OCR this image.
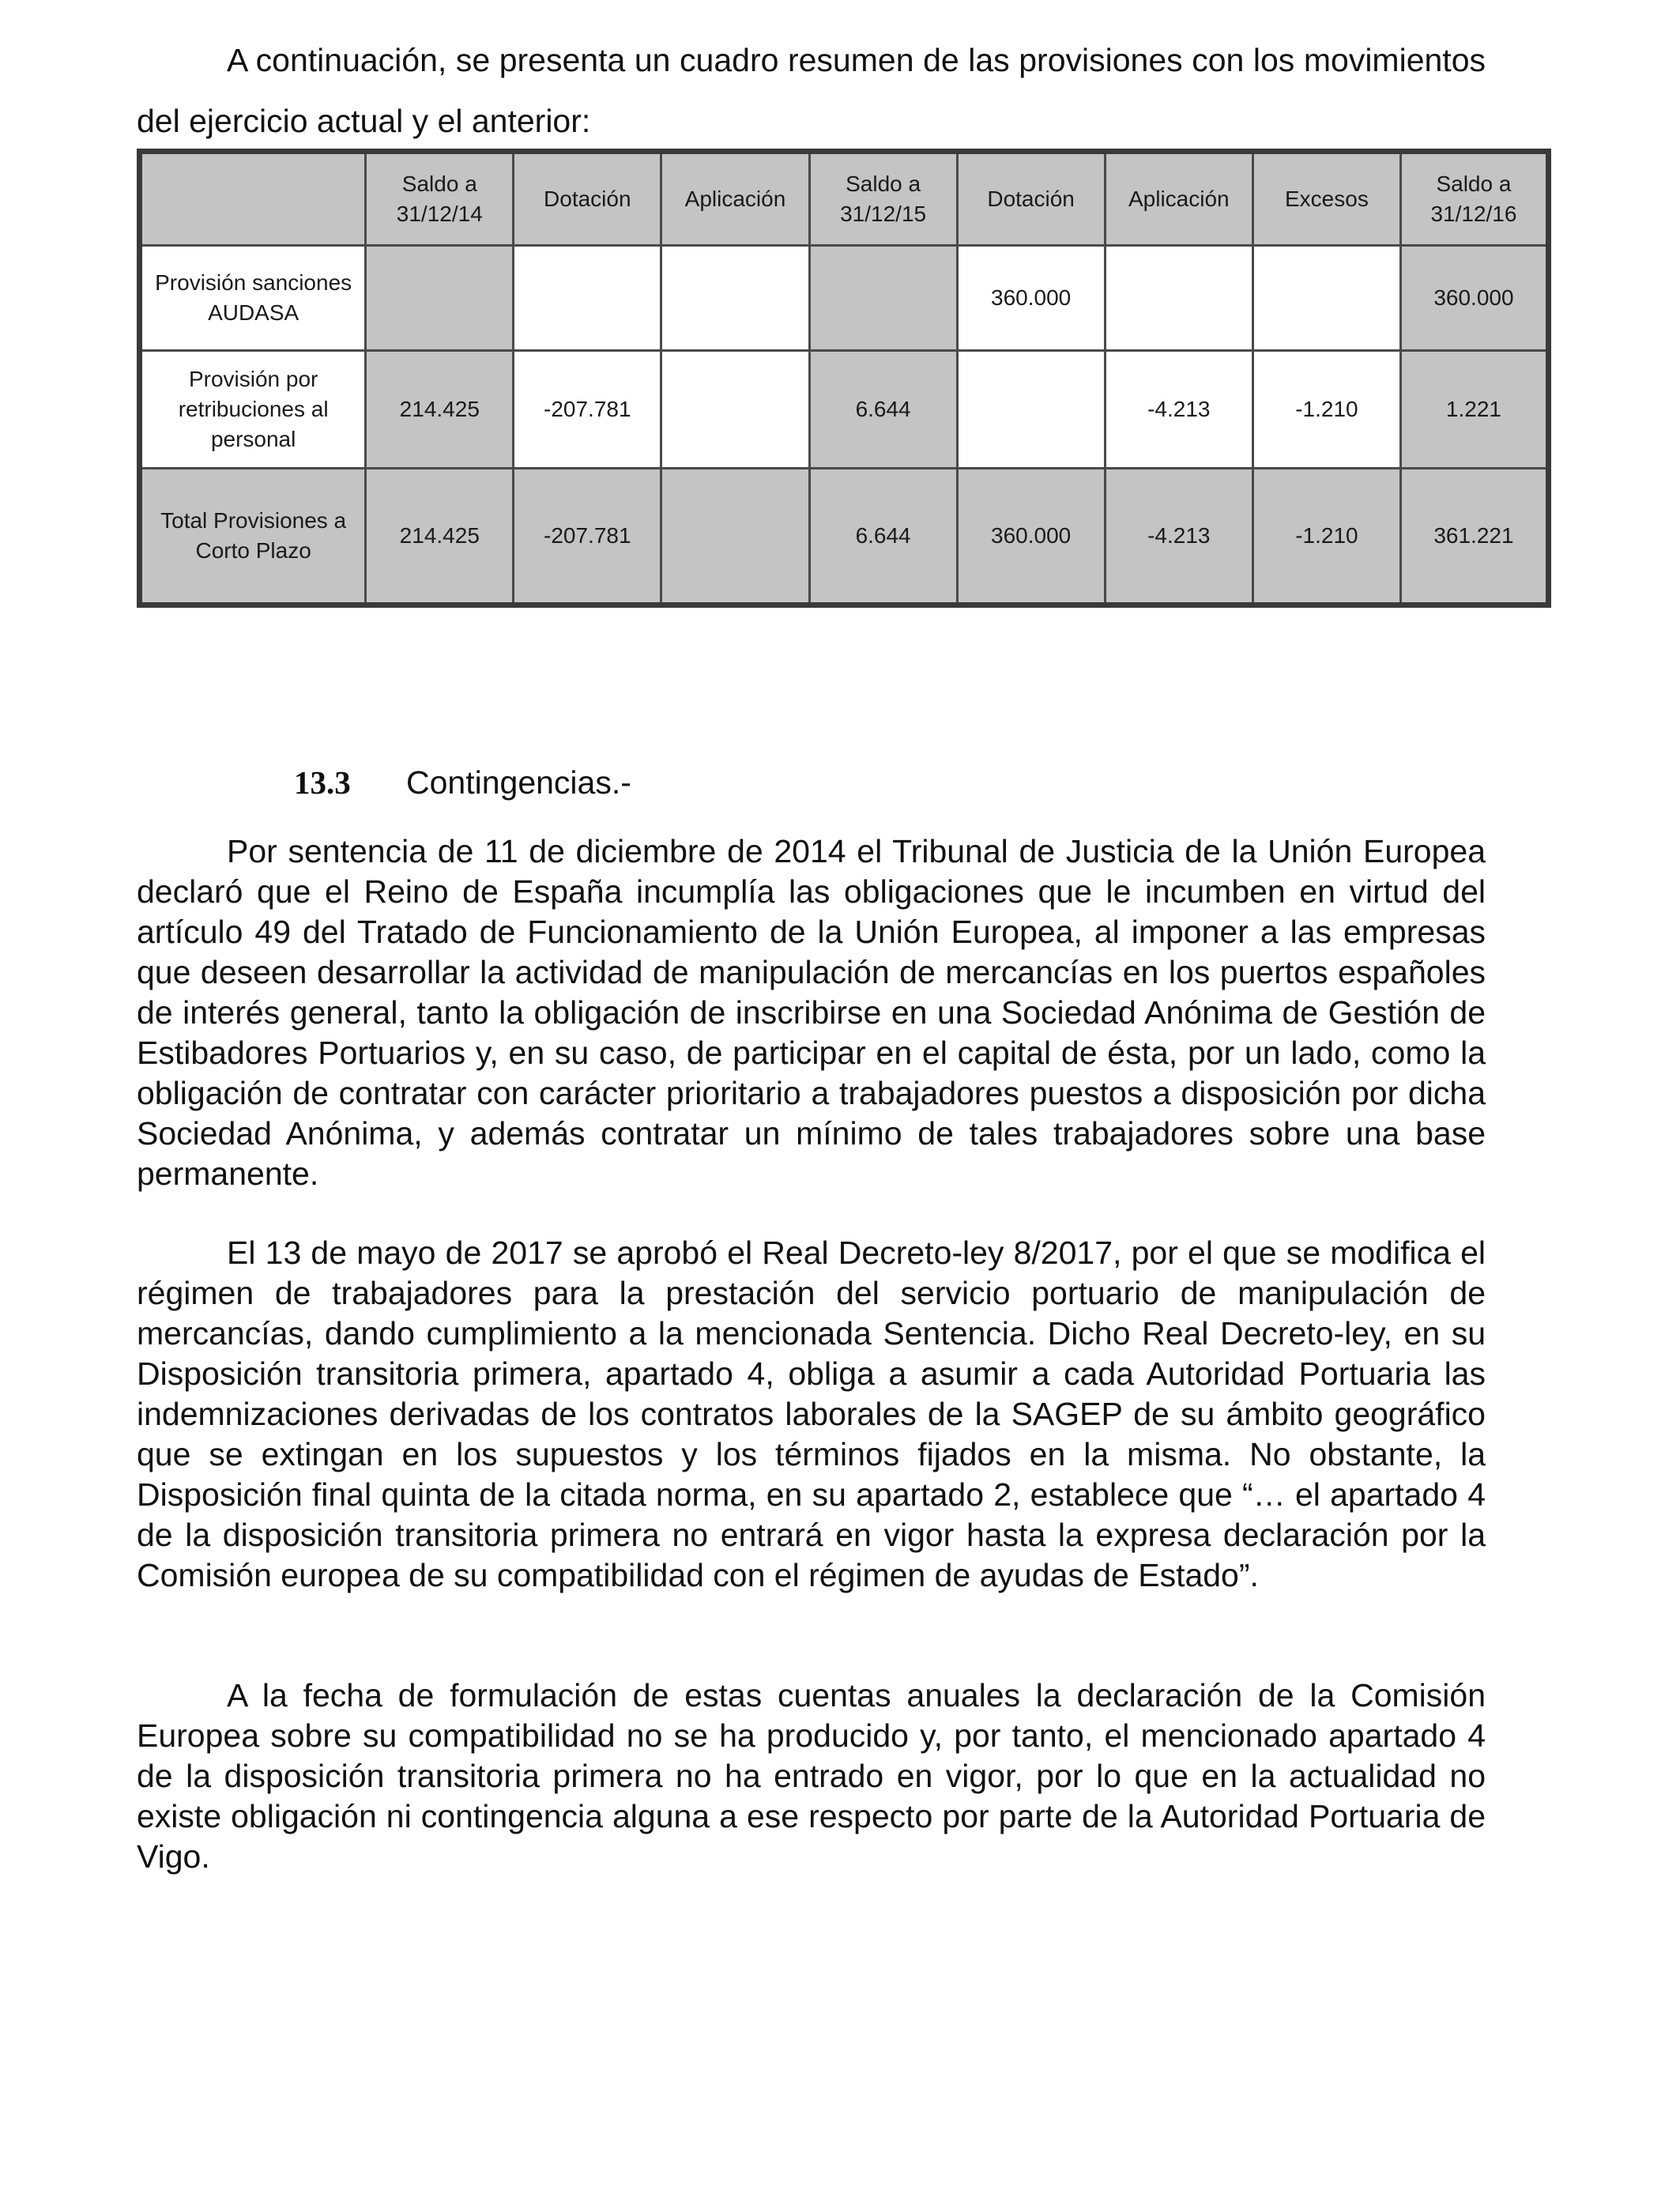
A continuación, se presenta un cuadro resumen de las provisiones con los movimientos del ejercicio actual y el anterior:

	Saldo a 31/12/14	Dotación	Aplicación	Saldo a 31/12/15	Dotación	Aplicación	Excesos	Saldo a 31/12/16
Provisión sanciones AUDASA					360.000			360.000
Provisión por retribuciones al personal	214.425	-207.781		6.644		-4.213	-1.210	1.221
Total Provisiones a Corto Plazo	214.425	-207.781		6.644	360.000	-4.213	-1.210	361.221
13.3 Contingencias.-

Por sentencia de 11 de diciembre de 2014 el Tribunal de Justicia de la Unión Europea declaró que el Reino de España incumplía las obligaciones que le incumben en virtud del artículo 49 del Tratado de Funcionamiento de la Unión Europea, al imponer a las empresas que deseen desarrollar la actividad de manipulación de mercancías en los puertos españoles de interés general, tanto la obligación de inscribirse en una Sociedad Anónima de Gestión de Estibadores Portuarios y, en su caso, de participar en el capital de ésta, por un lado, como la obligación de contratar con carácter prioritario a trabajadores puestos a disposición por dicha Sociedad Anónima, y además contratar un mínimo de tales trabajadores sobre una base permanente.

El 13 de mayo de 2017 se aprobó el Real Decreto-ley 8/2017, por el que se modifica el régimen de trabajadores para la prestación del servicio portuario de manipulación de mercancías, dando cumplimiento a la mencionada Sentencia. Dicho Real Decreto-ley, en su Disposición transitoria primera, apartado 4, obliga a asumir a cada Autoridad Portuaria las indemnizaciones derivadas de los contratos laborales de la SAGEP de su ámbito geográfico que se extingan en los supuestos y los términos fijados en la misma. No obstante, la Disposición final quinta de la citada norma, en su apartado 2, establece que “… el apartado 4 de la disposición transitoria primera no entrará en vigor hasta la expresa declaración por la Comisión europea de su compatibilidad con el régimen de ayudas de Estado”.

A la fecha de formulación de estas cuentas anuales la declaración de la Comisión Europea sobre su compatibilidad no se ha producido y, por tanto, el mencionado apartado 4 de la disposición transitoria primera no ha entrado en vigor, por lo que en la actualidad no existe obligación ni contingencia alguna a ese respecto por parte de la Autoridad Portuaria de Vigo.
